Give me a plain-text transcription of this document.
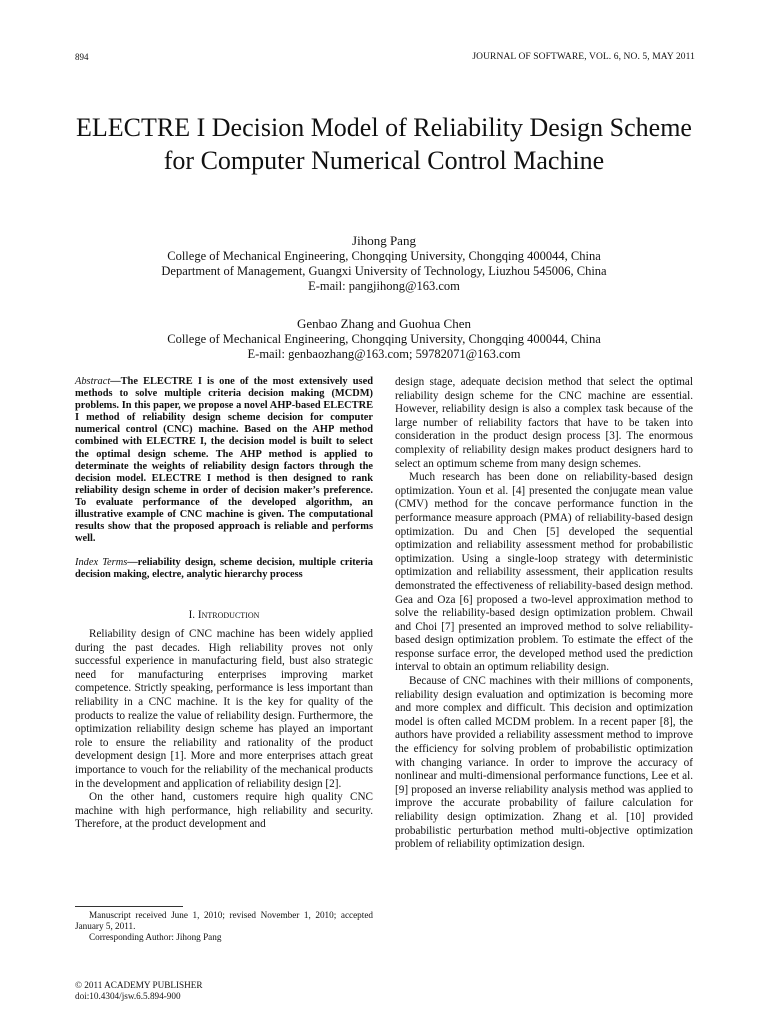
894	JOURNAL OF SOFTWARE, VOL. 6, NO. 5, MAY 2011
ELECTRE I Decision Model of Reliability Design Scheme for Computer Numerical Control Machine
Jihong Pang
College of Mechanical Engineering, Chongqing University, Chongqing 400044, China
Department of Management, Guangxi University of Technology, Liuzhou 545006, China
E-mail: pangjihong@163.com
Genbao Zhang and Guohua Chen
College of Mechanical Engineering, Chongqing University, Chongqing 400044, China
E-mail: genbaozhang@163.com; 59782071@163.com

Abstract—The ELECTRE I is one of the most extensively used methods to solve multiple criteria decision making (MCDM) problems. In this paper, we propose a novel AHP-based ELECTRE I method of reliability design scheme decision for computer numerical control (CNC) machine. Based on the AHP method combined with ELECTRE I, the decision model is built to select the optimal design scheme. The AHP method is applied to determinate the weights of reliability design factors through the decision model. ELECTRE I method is then designed to rank reliability design scheme in order of decision maker’s preference. To evaluate performance of the developed algorithm, an illustrative example of CNC machine is given. The computational results show that the proposed approach is reliable and performs well.

Index Terms—reliability design, scheme decision, multiple criteria decision making, electre, analytic hierarchy process

I. Introduction

Reliability design of CNC machine has been widely applied during the past decades. High reliability proves not only successful experience in manufacturing field, bust also strategic need for manufacturing enterprises improving market competence. Strictly speaking, performance is less important than reliability in a CNC machine. It is the key for quality of the products to realize the value of reliability design. Furthermore, the optimization reliability design scheme has played an important role to ensure the reliability and rationality of the product development design [1]. More and more enterprises attach great importance to vouch for the reliability of the mechanical products in the development and application of reliability design [2].

On the other hand, customers require high quality CNC machine with high performance, high reliability and security. Therefore, at the product development and

design stage, adequate decision method that select the optimal reliability design scheme for the CNC machine are essential. However, reliability design is also a complex task because of the large number of reliability factors that have to be taken into consideration in the product design process [3]. The enormous complexity of reliability design makes product designers hard to select an optimum scheme from many design schemes.

Much research has been done on reliability-based design optimization. Youn et al. [4] presented the conjugate mean value (CMV) method for the concave performance function in the performance measure approach (PMA) of reliability-based design optimization. Du and Chen [5] developed the sequential optimization and reliability assessment method for probabilistic optimization. Using a single-loop strategy with deterministic optimization and reliability assessment, their application results demonstrated the effectiveness of reliability-based design method. Gea and Oza [6] proposed a two-level approximation method to solve the reliability-based design optimization problem. Chwail and Choi [7] presented an improved method to solve reliability-based design optimization problem. To estimate the effect of the response surface error, the developed method used the prediction interval to obtain an optimum reliability design.

Because of CNC machines with their millions of components, reliability design evaluation and optimization is becoming more and more complex and difficult. This decision and optimization model is often called MCDM problem. In a recent paper [8], the authors have provided a reliability assessment method to improve the efficiency for solving problem of probabilistic optimization with changing variance. In order to improve the accuracy of nonlinear and multi-dimensional performance functions, Lee et al. [9] proposed an inverse reliability analysis method was applied to improve the accurate probability of failure calculation for reliability design optimization. Zhang et al. [10] provided probabilistic perturbation method multi-objective optimization problem of reliability optimization design.

Manuscript received June 1, 2010; revised November 1, 2010; accepted January 5, 2011.

Corresponding Author: Jihong Pang

© 2011 ACADEMY PUBLISHER
doi:10.4304/jsw.6.5.894-900
